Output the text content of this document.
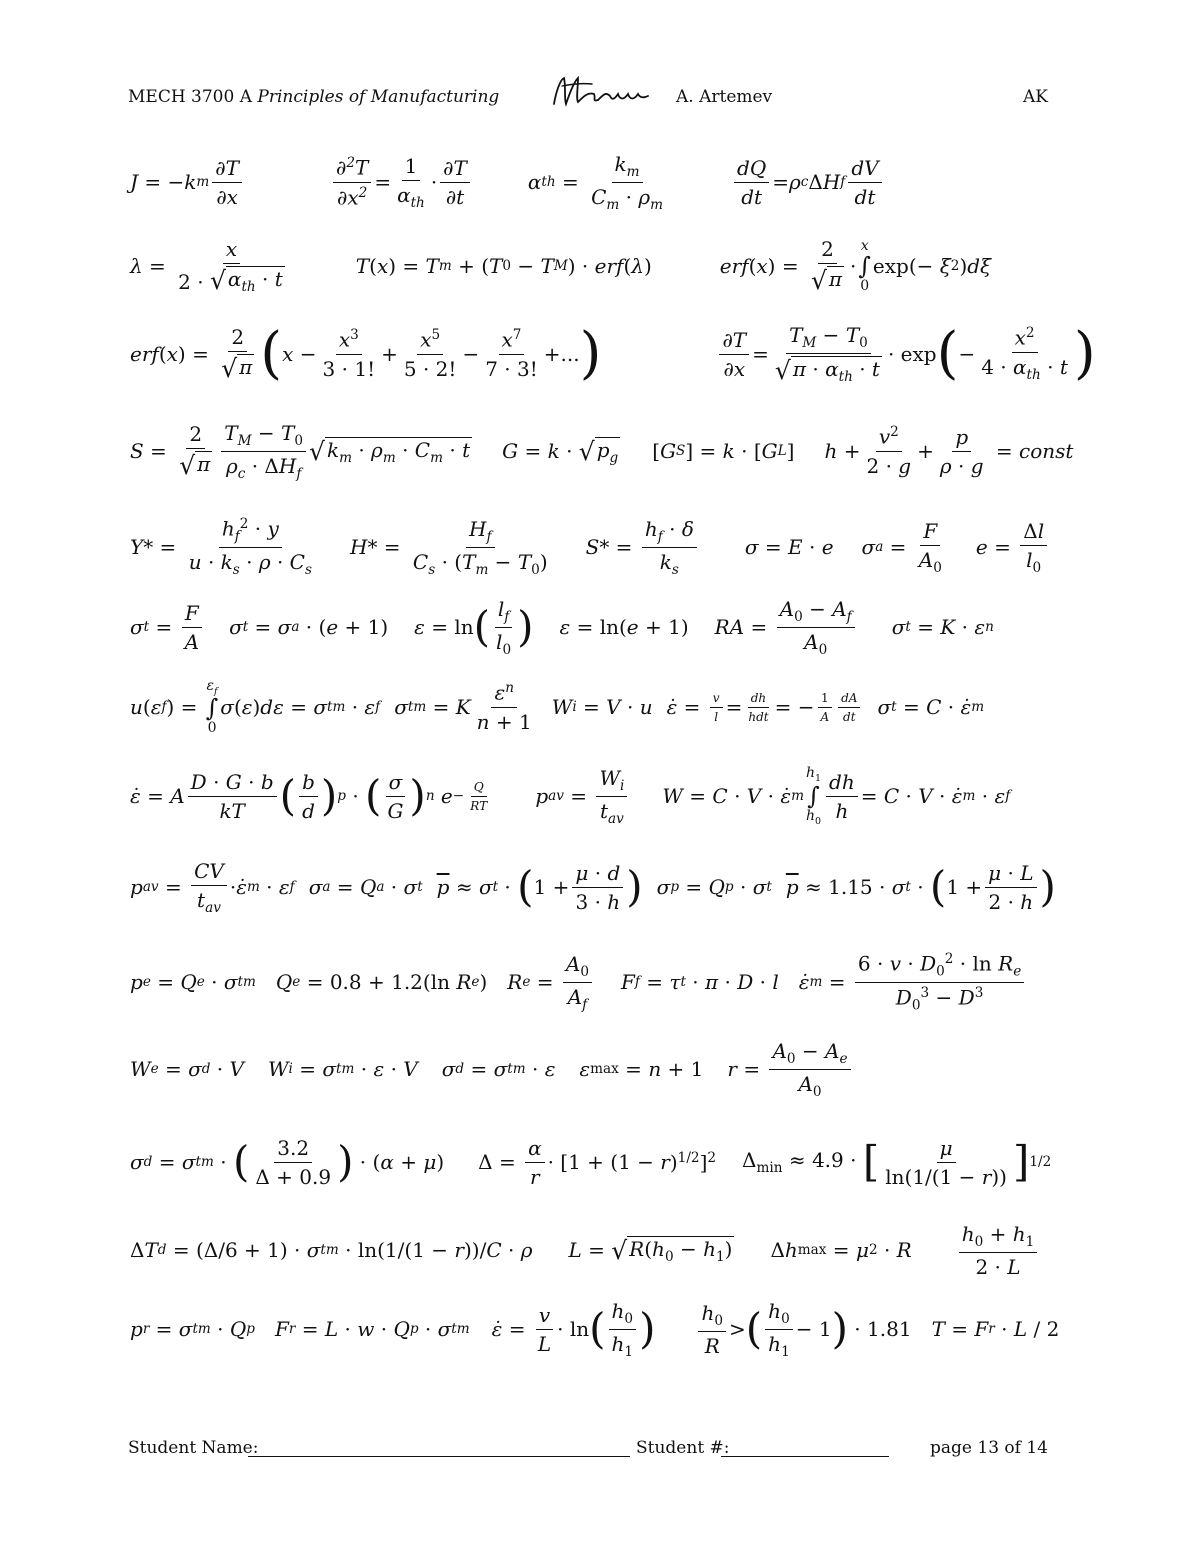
MECH 3700 A Principles of Manufacturing	A. Artemev	AK
J = − k m $\frac{\partial T}{\partial x}$	$\frac{\partial^2T}{\partial x^2} = \frac{1}{\alpha_{th}} \cdot \frac{\partial T}{\partial t}$	α th = $\frac{k_m}{C_m \cdot \rho_m}$	$\frac{dQ}{dt} = \rho$ c Δ H f $\frac{dV}{dt}$
$\lambda = \frac{x}{2 \cdot √ \alpha_{th} \cdot t}$	T ( x ) = T m + ( T 0 − T M ) · erf ( λ )	erf ( x ) = $\frac{2}{√ \pi}$ ·
x
∫
0
exp(− ξ 2 ) dξ
erf ( x ) = $\frac{2}{√ \pi}$ ( $x - \frac{x^3}{3 \cdot 1!} + \frac{x^5}{5 \cdot 2!} - \frac{x^7}{7 \cdot 3!}$ +... )	$\frac{\partial T}{\partial x} = \frac{T_M - T_0}{√ \pi \cdot \alpha_{th} \cdot t} \cdot \exp$ ( − $\frac{x^2}{4 \cdot \alpha_{th} \cdot t}$ )
$S = \frac{2}{√ \pi} \frac{T_M - T_0}{\rho_c \cdot \Delta H_f}$ √ $k_m \cdot \rho_m \cdot C_m \cdot t$ G = k · √ $p_g$ [ G S ] = k · [ G L ] $h + \frac{v^2}{2 \cdot g} + \frac{p}{\rho \cdot g}$ = const
Y * = $\frac{h_f^2 \cdot y}{u \cdot k_s \cdot \rho \cdot C_s}$ H * = $\frac{H_f}{C_s \cdot (T_m - T_0)}$ S * = $\frac{h_f \cdot \delta}{k_s}$ σ = E · e σ $a = \frac{F}{A_0}$ $e = \frac{\Delta l}{l_0}$
σ $t = \frac{F}{A}$ σ t = σ a · ( e + 1) ε = ln ( $\frac{l_f}{l_0}$ ) ε = ln( e + 1) RA = $\frac{A_0 - A_f}{A_0}$ σ t = K · ε n
u ( ε f ) =
$\varepsilon_f$
∫
0
σ ( ε ) dε = σ tm · ε f σ tm = K $\frac{\varepsilon^n}{n + 1}$ W i = V · u ε̇ = $\frac{v}{l} = \frac{dh}{\text{hdt}}$ = − $\frac{1}{A} \frac{dA}{dt}$ σ t = C · ε̇ m
ε̇ = A $\frac{D \cdot G \cdot b}{kT}$ ( $\frac{b}{d}$ ) p · ( $\frac{\sigma}{G}$ ) n $e - \frac{Q}{RT}$ p av = $\frac{W_i}{t_{av}}$ W = C · V · ε̇ m
$h_1$
∫
$h_0 \frac{dh}{h} = C \cdot V$ · ε̇ m · ε f
p av = $\frac{CV}{t_{av}}$ · ε̇ m · ε f σ a = Q a · σ t $\overline{p} \approx \sigma$ t · ( $1 + \frac{\mu \cdot d}{3 \cdot h}$ ) σ p = Q p · σ t $\overline{p} \approx 1.15 \cdot \sigma$ t · ( $1 + \frac{\mu \cdot L}{2 \cdot h}$ )
p e = Q e · σ tm Q e = 0.8 + 1.2(ln R e ) R $e = \frac{A_0}{A_f}$ F f = τ t · π · D · l ε̇ $m = \frac{6 \cdot v \cdot D_0^2 \cdot \ln R_e}{D_0^3 - D^3}$
W e = σ d · V W i = σ tm · ε · V σ d = σ tm · ε ε max = n + 1 $r = \frac{A_0 - A_e}{A_0}$
σ d = σ tm · ( $\frac{3.2}{\Delta + 0.9}$ ) · ( α + μ ) $\Delta = \frac{\alpha}{r} \cdot [1 + (1 - r$ )$^{1/2}$]$^2$ $\Delta_{min} \approx 4.9$ · [ $\frac{\mu}{\ln(1/(1 - r))}$ ] 1/2
Δ T d = (Δ/6 + 1) · σ tm · ln(1/(1 − r ))/ C · ρ L = √ $R(h_0 - h_1)$ Δ h max = μ 2 · R $\frac{h_0 + h_1}{2 \cdot L}$
p r = σ tm · Q p F r = L · w · Q p · σ tm ε̇ = $\frac{v}{L} \cdot \ln$ ( $\frac{h_0}{h_1}$ ) $\frac{h_0}{R}$ > ( $\frac{h_0}{h_1} - 1$ ) · 1.81 T = F r · L / 2
Student Name:	Student #:	page 13 of 14
